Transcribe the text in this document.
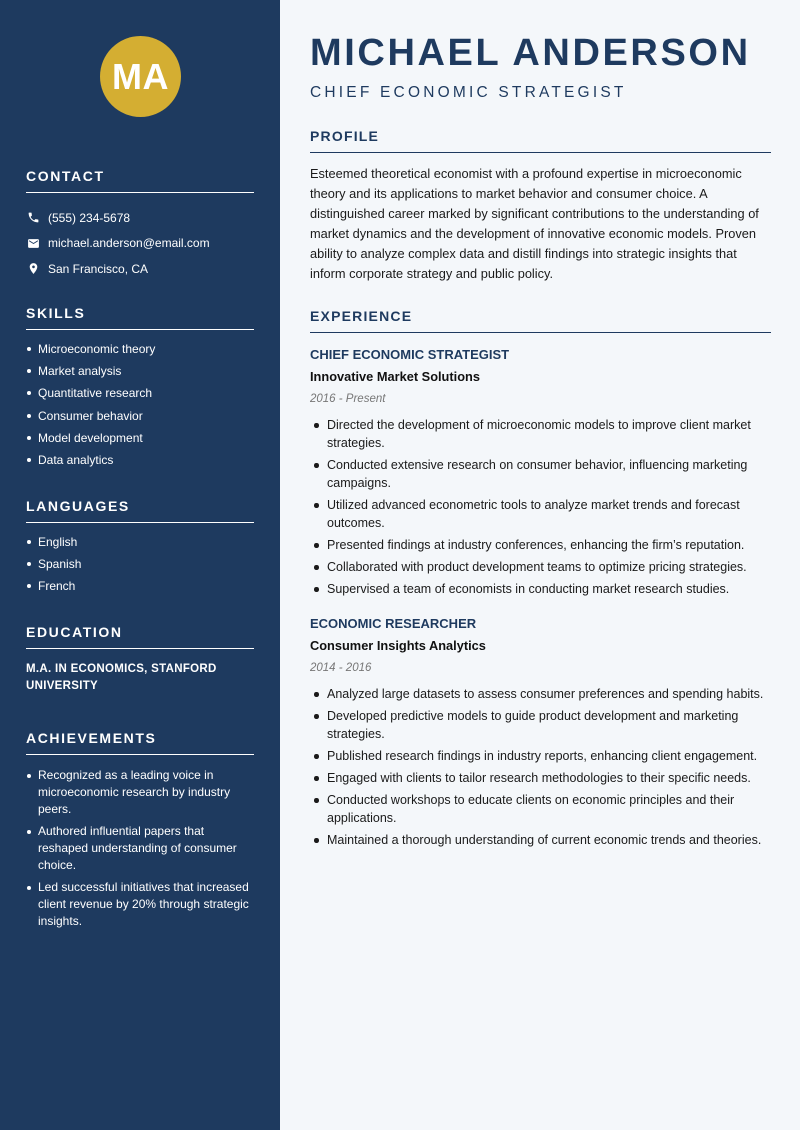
MA
CONTACT
(555) 234-5678
michael.anderson@email.com
San Francisco, CA
SKILLS
Microeconomic theory
Market analysis
Quantitative research
Consumer behavior
Model development
Data analytics
LANGUAGES
English
Spanish
French
EDUCATION
M.A. IN ECONOMICS, STANFORD UNIVERSITY
ACHIEVEMENTS
Recognized as a leading voice in microeconomic research by industry peers.
Authored influential papers that reshaped understanding of consumer choice.
Led successful initiatives that increased client revenue by 20% through strategic insights.
MICHAEL ANDERSON
CHIEF ECONOMIC STRATEGIST
PROFILE

Esteemed theoretical economist with a profound expertise in microeconomic theory and its applications to market behavior and consumer choice. A distinguished career marked by significant contributions to the understanding of market dynamics and the development of innovative economic models. Proven ability to analyze complex data and distill findings into strategic insights that inform corporate strategy and public policy.

EXPERIENCE
CHIEF ECONOMIC STRATEGIST
Innovative Market Solutions
2016 - Present
Directed the development of microeconomic models to improve client market strategies.
Conducted extensive research on consumer behavior, influencing marketing campaigns.
Utilized advanced econometric tools to analyze market trends and forecast outcomes.
Presented findings at industry conferences, enhancing the firm’s reputation.
Collaborated with product development teams to optimize pricing strategies.
Supervised a team of economists in conducting market research studies.
ECONOMIC RESEARCHER
Consumer Insights Analytics
2014 - 2016
Analyzed large datasets to assess consumer preferences and spending habits.
Developed predictive models to guide product development and marketing strategies.
Published research findings in industry reports, enhancing client engagement.
Engaged with clients to tailor research methodologies to their specific needs.
Conducted workshops to educate clients on economic principles and their applications.
Maintained a thorough understanding of current economic trends and theories.
